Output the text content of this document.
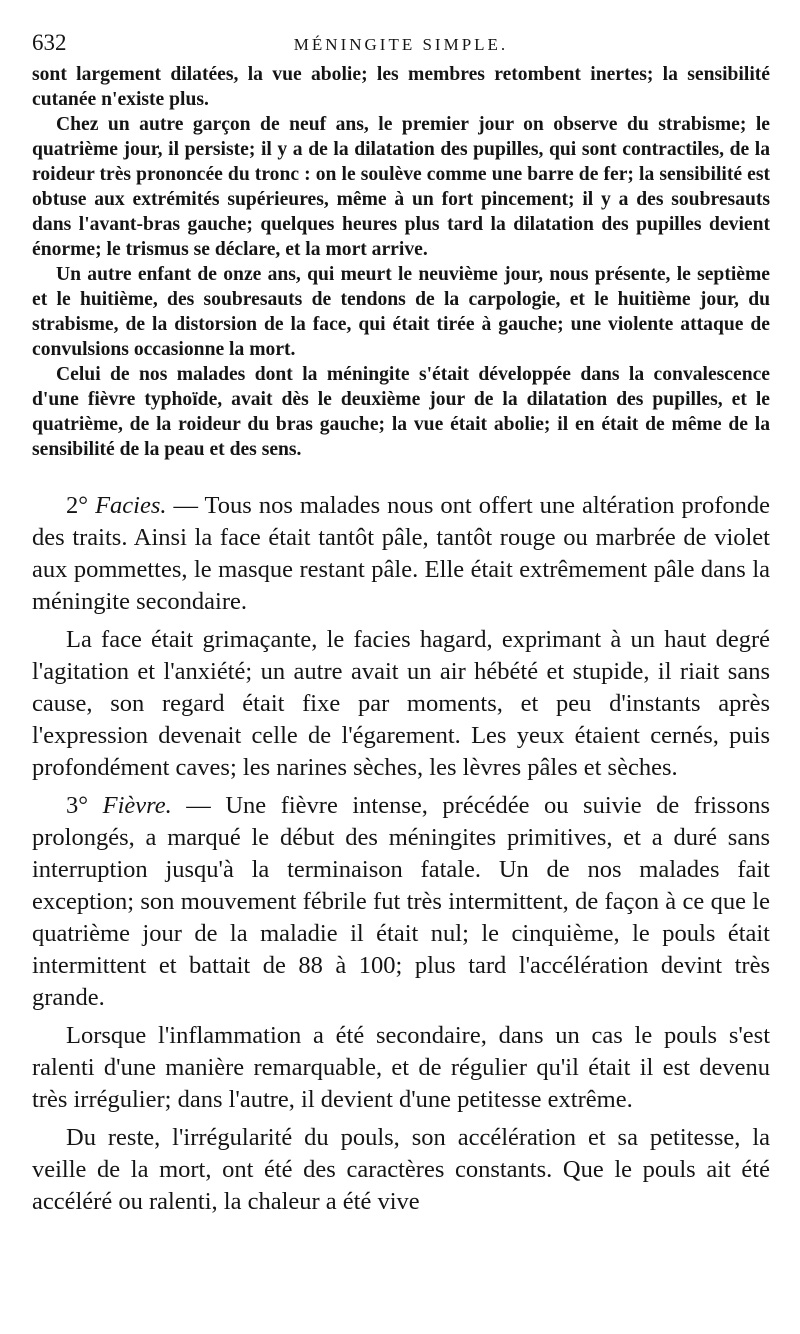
632	MÉNINGITE SIMPLE.

sont largement dilatées, la vue abolie; les membres retombent inertes; la sensibilité cutanée n'existe plus.

Chez un autre garçon de neuf ans, le premier jour on observe du strabisme; le quatrième jour, il persiste; il y a de la dilatation des pupilles, qui sont contractiles, de la roideur très prononcée du tronc : on le soulève comme une barre de fer; la sensibilité est obtuse aux extrémités supérieures, même à un fort pincement; il y a des soubresauts dans l'avant-bras gauche; quelques heures plus tard la dilatation des pupilles devient énorme; le trismus se déclare, et la mort arrive.

Un autre enfant de onze ans, qui meurt le neuvième jour, nous présente, le septième et le huitième, des soubresauts de tendons de la carpologie, et le huitième jour, du strabisme, de la distorsion de la face, qui était tirée à gauche; une violente attaque de convulsions occasionne la mort.

Celui de nos malades dont la méningite s'était développée dans la convalescence d'une fièvre typhoïde, avait dès le deuxième jour de la dilatation des pupilles, et le quatrième, de la roideur du bras gauche; la vue était abolie; il en était de même de la sensibilité de la peau et des sens.

2° Facies. — Tous nos malades nous ont offert une altération profonde des traits. Ainsi la face était tantôt pâle, tantôt rouge ou marbrée de violet aux pommettes, le masque restant pâle. Elle était extrêmement pâle dans la méningite secondaire.

La face était grimaçante, le facies hagard, exprimant à un haut degré l'agitation et l'anxiété; un autre avait un air hébété et stupide, il riait sans cause, son regard était fixe par moments, et peu d'instants après l'expression devenait celle de l'égarement. Les yeux étaient cernés, puis profondément caves; les narines sèches, les lèvres pâles et sèches.

3° Fièvre. — Une fièvre intense, précédée ou suivie de frissons prolongés, a marqué le début des méningites primitives, et a duré sans interruption jusqu'à la terminaison fatale. Un de nos malades fait exception; son mouvement fébrile fut très intermittent, de façon à ce que le quatrième jour de la maladie il était nul; le cinquième, le pouls était intermittent et battait de 88 à 100; plus tard l'accélération devint très grande.

Lorsque l'inflammation a été secondaire, dans un cas le pouls s'est ralenti d'une manière remarquable, et de régulier qu'il était il est devenu très irrégulier; dans l'autre, il devient d'une petitesse extrême.

Du reste, l'irrégularité du pouls, son accélération et sa petitesse, la veille de la mort, ont été des caractères constants. Que le pouls ait été accéléré ou ralenti, la chaleur a été vive
